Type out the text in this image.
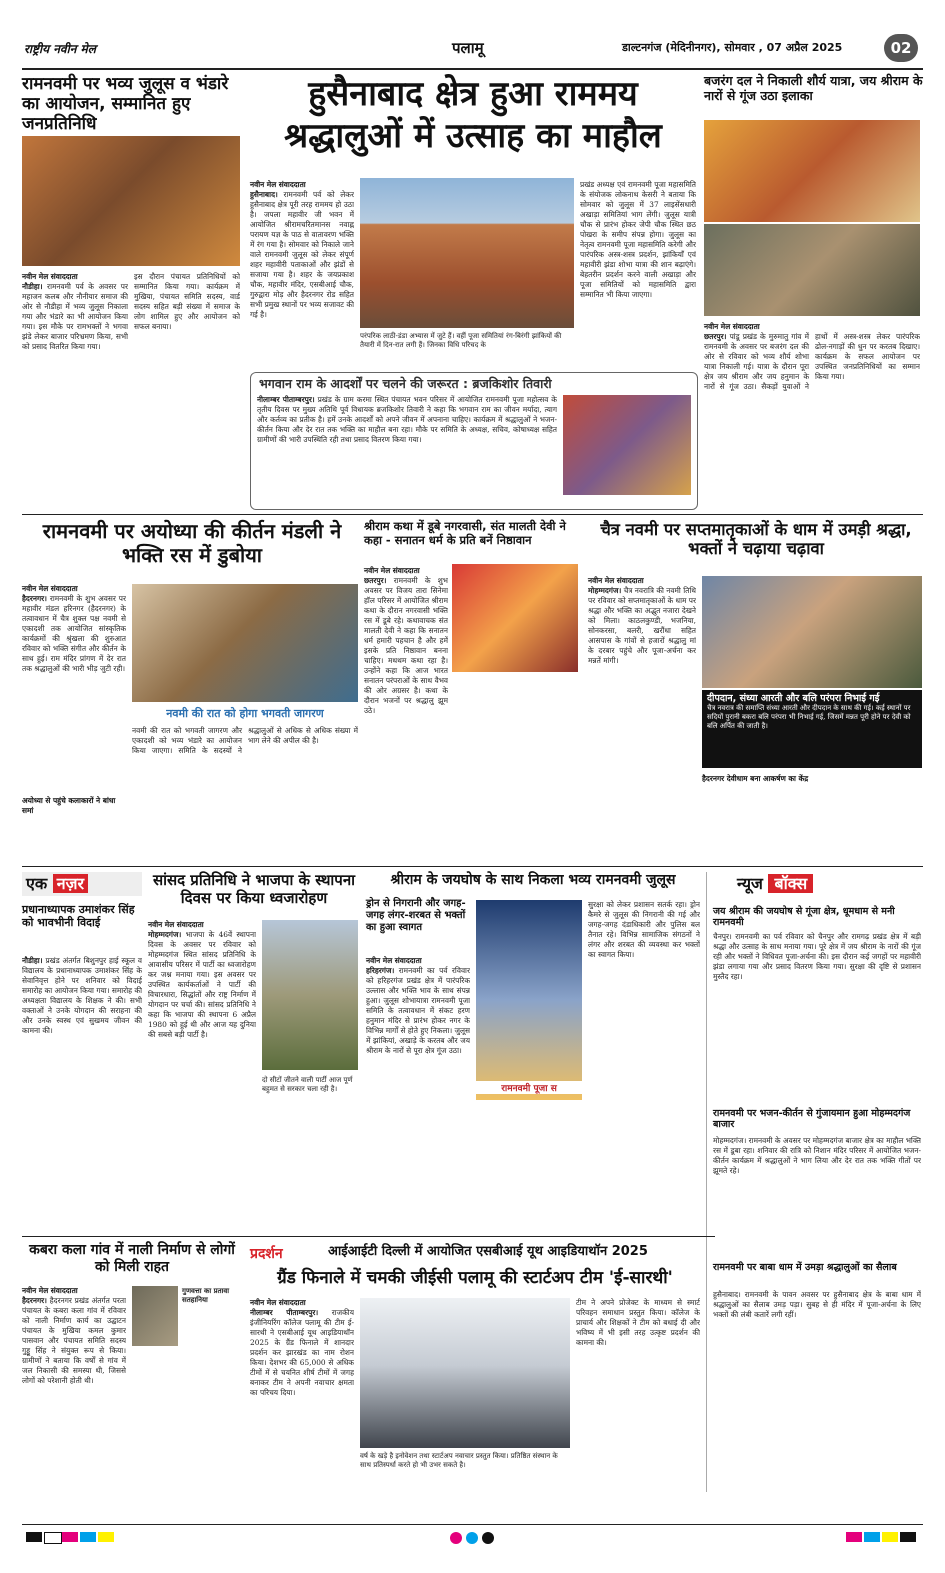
राष्ट्रीय नवीन मेल	पलामू	डाल्टनगंज (मेदिनीनगर), सोमवार , 07 अप्रैल 2025	02
रामनवमी पर भव्य जुलूस व भंडारे का आयोजन, सम्मानित हुए जनप्रतिनिधि
नवीन मेल संवाददाता
नौडीहा। रामनवमी पर्व के अवसर पर महाजन कलब और नौनीयार समाज की ओर से नौडीहा में भव्य जुलूस निकाला गया और भंडारे का भी आयोजन किया गया। इस मौके पर रामभक्तों ने भगवा झंडे लेकर बाजार परिभ्रमण किया, सभी को प्रसाद वितरित किया गया।
इस दौरान पंचायत प्रतिनिधियों को सम्मानित किया गया। कार्यक्रम में मुखिया, पंचायत समिति सदस्य, वार्ड सदस्य सहित बड़ी संख्या में समाज के लोग शामिल हुए और आयोजन को सफल बनाया।
हुसैनाबाद क्षेत्र हुआ राममय
श्रद्धालुओं में उत्साह का माहौल
नवीन मेल संवाददाता
हुसैनाबाद। रामनवमी पर्व को लेकर हुसैनाबाद क्षेत्र पूरी तरह राममय हो उठा है। जपला महावीर जी भवन में आयोजित श्रीरामचरितमानस नवाह्न परायण यज्ञ के पाठ से वातावरण भक्ति में रंग गया है। सोमवार को निकाले जाने वाले रामनवमी जुलूस को लेकर संपूर्ण शहर महावीरी पताकाओं और झंडों से सजाया गया है। शहर के जयप्रकाश चौक, महावीर मंदिर, एसबीआई चौक, गुरुद्वारा मोड़ और हैदरनगर रोड सहित सभी प्रमुख स्थानों पर भव्य सजावट की गई है।
परंपरिक लाठी-डंडा अभ्यास में जुटे हैं। वहीं पूजा समितियां रंग-बिरंगी झांकियों की तैयारी में दिन-रात लगी हैं। जिनका विधि परिचद के
प्रखंड अध्यक्ष एवं रामनवमी पूजा महासमिति के संयोजक लोकनाथ केसरी ने बताया कि सोमवार को जुलूस में 37 लाइसेंसधारी अखाड़ा समितियां भाग लेंगी। जुलूस यात्री चौक से प्रारंभ होकर जेपी चौक स्थित छठ पोखरा के समीप संपन्न होगा। जुलूस का नेतृत्व रामनवमी पूजा महासमिति करेगी और पारंपरिक अस्त्र-शस्त्र प्रदर्शन, झांकियाँ एवं महावीरी झंडा शोभा यात्रा की शान बढ़ाएंगे। बेहतरीन प्रदर्शन करने वाली अखाड़ा और पूजा समितियों को महासमिति द्वारा सम्मानित भी किया जाएगा।
बजरंग दल ने निकाली शौर्य यात्रा, जय श्रीराम के नारों से गूंज उठा इलाका
नवीन मेल संवाददाता
छतरपुर। पांडू प्रखंड के मुरुमातु गांव में रामनवमी के अवसर पर बजरंग दल की ओर से रविवार को भव्य शौर्य शोभा यात्रा निकाली गई। यात्रा के दौरान पूरा क्षेत्र जय श्रीराम और जय हनुमान के नारों से गूंज उठा। सैकड़ों युवाओं ने हाथों में अस्त्र-शस्त्र लेकर पारंपरिक ढोल-नगाड़ों की धुन पर करतब दिखाए। कार्यक्रम के सफल आयोजन पर उपस्थित जनप्रतिनिधियों का सम्मान किया गया।
भगवान राम के आदर्शों पर चलने की जरूरत : ब्रजकिशोर तिवारी
नीलाम्बर पीताम्बरपुर। प्रखंड के ग्राम करमा स्थित पंचायत भवन परिसर में आयोजित रामनवमी पूजा महोत्सव के तृतीय दिवस पर मुख्य अतिथि पूर्व विधायक ब्रजकिशोर तिवारी ने कहा कि भगवान राम का जीवन मर्यादा, त्याग और कर्तव्य का प्रतीक है। हमें उनके आदर्शों को अपने जीवन में अपनाना चाहिए। कार्यक्रम में श्रद्धालुओं ने भजन-कीर्तन किया और देर रात तक भक्ति का माहौल बना रहा। मौके पर समिति के अध्यक्ष, सचिव, कोषाध्यक्ष सहित ग्रामीणों की भारी उपस्थिति रही तथा प्रसाद वितरण किया गया।
रामनवमी पर अयोध्या की कीर्तन मंडली ने भक्ति रस में डुबोया
नवीन मेल संवाददाता
हैदरनगर। रामनवमी के शुभ अवसर पर महावीर मंडल हरिनगर (हैदरनगर) के तत्वावधान में चैत्र शुक्ल पक्ष नवमी से एकादशी तक आयोजित सांस्कृतिक कार्यक्रमों की श्रृंखला की शुरुआत रविवार को भक्ति संगीत और कीर्तन के साथ हुई। राम मंदिर प्रांगण में देर रात तक श्रद्धालुओं की भारी भीड़ जुटी रही।
अयोध्या से पहुंचे कलाकारों ने बांधा समां
नवमी की रात को होगा भगवती जागरण
नवमी की रात को भगवती जागरण और एकादशी को भव्य भंडारे का आयोजन किया जाएगा। समिति के सदस्यों ने श्रद्धालुओं से अधिक से अधिक संख्या में भाग लेने की अपील की है।
श्रीराम कथा में डूबे नगरवासी, संत मालती देवी ने कहा - सनातन धर्म के प्रति बनें निष्ठावान
नवीन मेल संवाददाता
छतरपुर। रामनवमी के शुभ अवसर पर विजय तारा सिनेमा हॉल परिसर में आयोजित श्रीराम कथा के दौरान नगरवासी भक्ति रस में डूबे रहे। कथावाचक संत मालती देवी ने कहा कि सनातन धर्म हमारी पहचान है और हमें इसके प्रति निष्ठावान बनना चाहिए। मथथम कथा रहा है। उन्होंने कहा कि आज भारत सनातन परंपराओं के साथ वैभव की ओर अग्रसर है। कथा के दौरान भजनों पर श्रद्धालु झूम उठे।
चैत्र नवमी पर सप्तमातृकाओं के धाम में उमड़ी श्रद्धा, भक्तों ने चढ़ाया चढ़ावा
नवीन मेल संवाददाता
मोहम्मदगंज। चैत्र नवरात्रि की नवमी तिथि पर रविवार को सप्तमातृकाओं के धाम पर श्रद्धा और भक्ति का अद्भुत नजारा देखने को मिला। काठलकुण्डी, भजनिया, सोनकरसा, बलरी, खरौंधा सहित आसपास के गांवों से हजारों श्रद्धालु मां के दरबार पहुंचे और पूजा-अर्चना कर मन्नतें मांगी।
दीपदान, संध्या आरती और बलि परंपरा निभाई गई
चैत्र नवरात्र की समाप्ति संध्या आरती और दीपदान के साथ की गई। कई स्थानों पर सदियों पुरानी बकरा बलि परंपरा भी निभाई गई, जिसमें मन्नत पूरी होने पर देवी को बलि अर्पित की जाती है।
हैदरनगर देवीधाम बना आकर्षण का केंद्र
एक नज़र
प्रधानाध्यापक उमाशंकर सिंह को भावभीनी विदाई
नौडीहा। प्रखंड अंतर्गत बिशुनपुर हाई स्कूल व विद्यालय के प्रधानाध्यापक उमाशंकर सिंह के सेवानिवृत्त होने पर शनिवार को विदाई समारोह का आयोजन किया गया। समारोह की अध्यक्षता विद्यालय के शिक्षक ने की। सभी वक्ताओं ने उनके योगदान की सराहना की और उनके स्वस्थ एवं सुखमय जीवन की कामना की।
सांसद प्रतिनिधि ने भाजपा के स्थापना दिवस पर किया ध्वजारोहण
नवीन मेल संवाददाता
मोहम्मदगंज। भाजपा के 46वें स्थापना दिवस के अवसर पर रविवार को मोहम्मदगंज स्थित सांसद प्रतिनिधि के आवासीय परिसर में पार्टी का ध्वजारोहण कर जश्न मनाया गया। इस अवसर पर उपस्थित कार्यकर्ताओं ने पार्टी की विचारधारा, सिद्धांतों और राष्ट्र निर्माण में योगदान पर चर्चा की। सांसद प्रतिनिधि ने कहा कि भाजपा की स्थापना 6 अप्रैल 1980 को हुई थी और आज यह दुनिया की सबसे बड़ी पार्टी है।
दो सीटों जीतने वाली पार्टी आज पूर्ण बहुमत से सरकार चला रही है।
श्रीराम के जयघोष के साथ निकला भव्य रामनवमी जुलूस
ड्रोन से निगरानी और जगह-जगह लंगर-शरबत से भक्तों का हुआ स्वागत
नवीन मेल संवाददाता
हरिहरगंज। रामनवमी का पर्व रविवार को हरिहरगंज प्रखंड क्षेत्र में पारंपरिक उल्लास और भक्ति भाव के साथ संपन्न हुआ। जुलूस शोभायात्रा रामनवमी पूजा समिति के तत्वावधान में संकट हरण हनुमान मंदिर से प्रारंभ होकर नगर के विभिन्न मार्गों से होते हुए निकला। जुलूस में झांकियां, अखाड़े के करतब और जय श्रीराम के नारों से पूरा क्षेत्र गूंज उठा।
रामनवमी पूजा स
सुरक्षा को लेकर प्रशासन सतर्क रहा। ड्रोन कैमरे से जुलूस की निगरानी की गई और जगह-जगह दंडाधिकारी और पुलिस बल तैनात रहे। विभिन्न सामाजिक संगठनों ने लंगर और शरबत की व्यवस्था कर भक्तों का स्वागत किया।
न्यूज बॉक्स
जय श्रीराम की जयघोष से गूंजा क्षेत्र, धूमधाम से मनी रामनवमी
चैनपुर। रामनवमी का पर्व रविवार को चैनपुर और रामगढ़ प्रखंड क्षेत्र में बड़ी श्रद्धा और उत्साह के साथ मनाया गया। पूरे क्षेत्र में जय श्रीराम के नारों की गूंज रही और भक्तों ने विधिवत पूजा-अर्चना की। इस दौरान कई जगहों पर महावीरी झंडा लगाया गया और प्रसाद वितरण किया गया। सुरक्षा की दृष्टि से प्रशासन मुस्तैद रहा।
रामनवमी पर भजन-कीर्तन से गुंजायमान हुआ मोहम्मदगंज बाजार
मोहम्मदगंज। रामनवमी के अवसर पर मोहम्मदगंज बाजार क्षेत्र का माहौल भक्ति रस में डूबा रहा। शनिवार की रात्रि को निशान मंदिर परिसर में आयोजित भजन-कीर्तन कार्यक्रम में श्रद्धालुओं ने भाग लिया और देर रात तक भक्ति गीतों पर झूमते रहे।
रामनवमी पर बाबा धाम में उमड़ा श्रद्धालुओं का सैलाब
हुसैनाबाद। रामनवमी के पावन अवसर पर हुसैनाबाद क्षेत्र के बाबा धाम में श्रद्धालुओं का सैलाब उमड़ पड़ा। सुबह से ही मंदिर में पूजा-अर्चना के लिए भक्तों की लंबी कतारें लगी रहीं।
कबरा कला गांव में नाली निर्माण से लोगों को मिली राहत
नवीन मेल संवाददाता
हैदरनगर। हैदरनगर प्रखंड अंतर्गत परता पंचायत के कबरा कला गांव में रविवार को नाली निर्माण कार्य का उद्घाटन पंचायत के मुखिया कमल कुमार पासवान और पंचायत समिति सदस्य गुड्डू सिंह ने संयुक्त रूप से किया। ग्रामीणों ने बताया कि वर्षों से गांव में जल निकासी की समस्या थी, जिससे लोगों को परेशानी होती थी।
गुणवत्ता का प्रतावा सतहानिया
प्रदर्शन	आईआईटी दिल्ली में आयोजित एसबीआई यूथ आइडियाथॉन 2025
ग्रैंड फिनाले में चमकी जीईसी पलामू की स्टार्टअप टीम 'ई-सारथी'
नवीन मेल संवाददाता
नीलाम्बर पीताम्बरपुर। राजकीय इंजीनियरिंग कॉलेज पलामू की टीम ई-सारथी ने एसबीआई यूथ आइडियाथॉन 2025 के ग्रैंड फिनाले में शानदार प्रदर्शन कर झारखंड का नाम रोशन किया। देशभर की 65,000 से अधिक टीमों में से चयनित शीर्ष टीमों में जगह बनाकर टीम ने अपनी नवाचार क्षमता का परिचय दिया।
वर्ष के खड़े है इनोवेशन तथा स्टार्टअप नवाचार प्रस्तुत किया। प्रतिष्ठित संस्थान के साथ प्रतिस्पर्धा करते हो भी उभर सकते है।
टीम ने अपने प्रोजेक्ट के माध्यम से स्मार्ट परिवहन समाधान प्रस्तुत किया। कॉलेज के प्राचार्य और शिक्षकों ने टीम को बधाई दी और भविष्य में भी इसी तरह उत्कृष्ट प्रदर्शन की कामना की।
